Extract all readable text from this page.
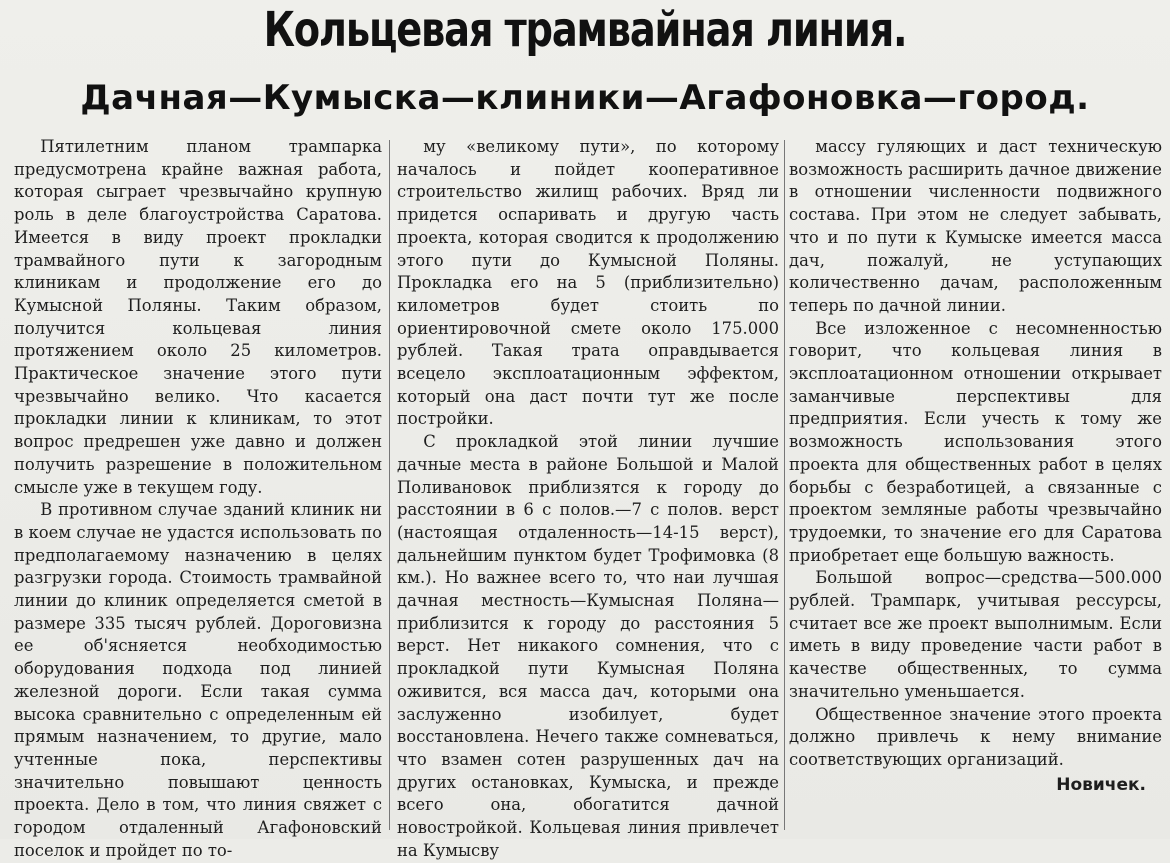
Кольцевая трамвайная линия.
Дачная—Кумыска—клиники—Агафоновка—город.

Пятилетним планом трампарка предусмотрена крайне важная работа, которая сыграет чрезвычайно крупную роль в деле благоустройства Саратова. Имеется в виду проект прокладки трамвайного пути к загородным клиникам и продолжение его до Кумысной Поляны. Таким образом, получится кольцевая линия протяжением около 25 километров. Практическое значение этого пути чрезвычайно велико. Что касается прокладки линии к клиникам, то этот вопрос предрешен уже давно и должен получить разрешение в положительном смысле уже в текущем году.

В противном случае зданий клиник ни в коем случае не удастся использовать по предполагаемому назначению в целях разгрузки города. Стоимость трамвайной линии до клиник определяется сметой в размере 335 тысяч рублей. Дороговизна ее об'ясняется необходимостью оборудования подхода под линией железной дороги. Если такая сумма высока сравнительно с определенным ей прямым назначением, то другие, мало учтенные пока, перспективы значительно повышают ценность проекта. Дело в том, что линия свяжет с городом отдаленный Агафоновский поселок и пройдет по то-

му «великому пути», по которому началось и пойдет кооперативное строительство жилищ рабочих. Вряд ли придется оспаривать и другую часть проекта, которая сводится к продолжению этого пути до Кумысной Поляны. Прокладка его на 5 (приблизительно) километров будет стоить по ориентировочной смете около 175.000 рублей. Такая трата оправдывается всецело эксплоатационным эффектом, который она даст почти тут же после постройки.

С прокладкой этой линии лучшие дачные места в районе Большой и Малой Поливановок приблизятся к городу до расстоянии в 6 с полов.—7 с полов. верст (настоящая отдаленность—14-15 верст), дальнейшим пунктом будет Трофимовка (8 км.). Но важнее всего то, что наи лучшая дачная местность—Кумысная Поляна—приблизится к городу до расстояния 5 верст. Нет никакого сомнения, что с прокладкой пути Кумысная Поляна оживится, вся масса дач, которыми она заслуженно изобилует, будет восстановлена. Нечего также сомневаться, что взамен сотен разрушенных дач на других остановках, Кумыска, и прежде всего она, обогатится дачной новостройкой. Кольцевая линия привлечет на Кумысву

массу гуляющих и даст техническую возможность расширить дачное движение в отношении численности подвижного состава. При этом не следует забывать, что и по пути к Кумыске имеется масса дач, пожалуй, не уступающих количественно дачам, расположенным теперь по дачной линии.

Все изложенное с несомненностью говорит, что кольцевая линия в эксплоатационном отношении открывает заманчивые перспективы для предприятия. Если учесть к тому же возможность использования этого проекта для общественных работ в целях борьбы с безработицей, а связанные с проектом земляные работы чрезвычайно трудоемки, то значение его для Саратова приобретает еще большую важность.

Большой вопрос—средства—500.000 рублей. Трампарк, учитывая рессурсы, считает все же проект выполнимым. Если иметь в виду проведение части работ в качестве общественных, то сумма значительно уменьшается.

Общественное значение этого проекта должно привлечь к нему внимание соответствующих организаций.

Новичек.
